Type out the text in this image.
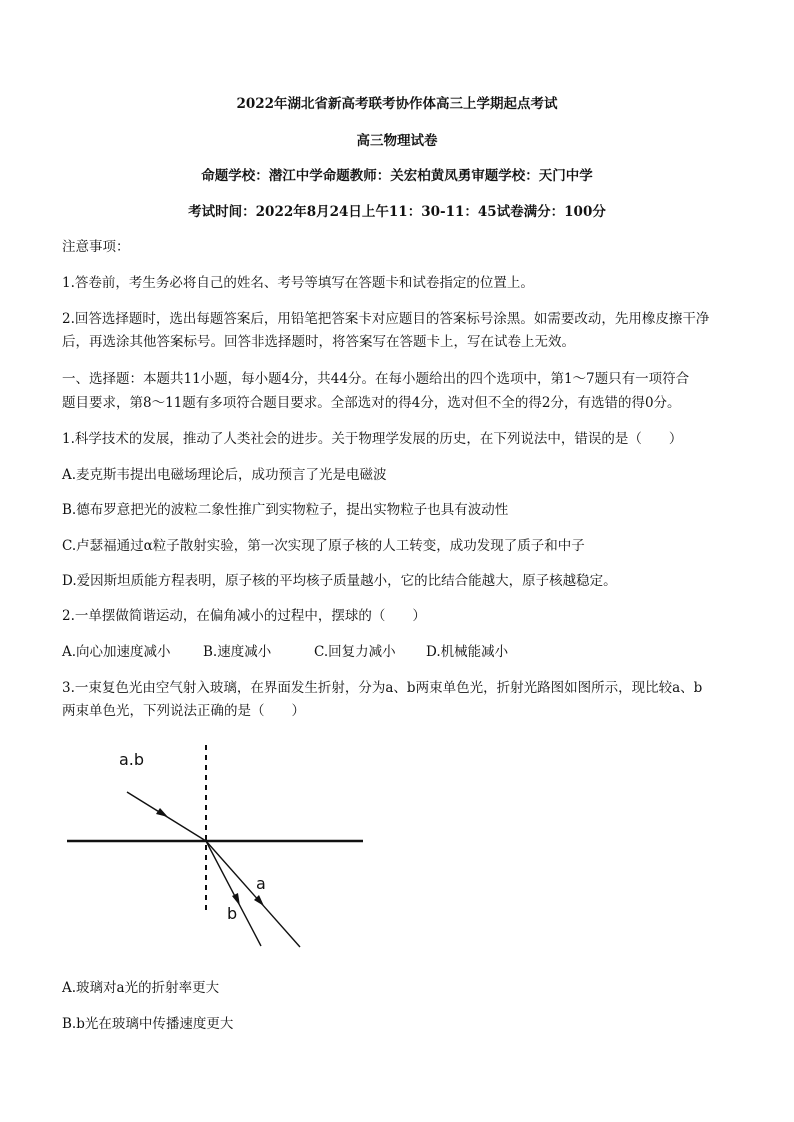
2022年湖北省新高考联考协作体高三上学期起点考试
高三物理试卷
命题学校：潜江中学命题教师：关宏柏黄凤勇审题学校：天门中学
考试时间：2022年8月24日上午11：30-11：45试卷满分：100分
注意事项：
1.答卷前，考生务必将自己的姓名、考号等填写在答题卡和试卷指定的位置上。
2.回答选择题时，选出每题答案后，用铅笔把答案卡对应题目的答案标号涂黑。如需要改动，先用橡皮擦干净
后，再选涂其他答案标号。回答非选择题时，将答案写在答题卡上，写在试卷上无效。
一、选择题：本题共11小题，每小题4分，共44分。在每小题给出的四个选项中，第1～7题只有一项符合
题目要求，第8～11题有多项符合题目要求。全部选对的得4分，选对但不全的得2分，有选错的得0分。
1.科学技术的发展，推动了人类社会的进步。关于物理学发展的历史，在下列说法中，错误的是（　　）
A.麦克斯韦提出电磁场理论后，成功预言了光是电磁波
B.德布罗意把光的波粒二象性推广到实物粒子，提出实物粒子也具有波动性
C.卢瑟福通过α粒子散射实验，第一次实现了原子核的人工转变，成功发现了质子和中子
D.爱因斯坦质能方程表明，原子核的平均核子质量越小，它的比结合能越大，原子核越稳定。
2.一单摆做简谐运动，在偏角减小的过程中，摆球的（　　）
A.向心加速度减小 B.速度减小	C.回复力减小 D.机械能减小
3.一束复色光由空气射入玻璃，在界面发生折射，分为a、b两束单色光，折射光路图如图所示，现比较a、b
两束单色光，下列说法正确的是（　　）
a.b
a
b
A.玻璃对a光的折射率更大
B.b光在玻璃中传播速度更大
